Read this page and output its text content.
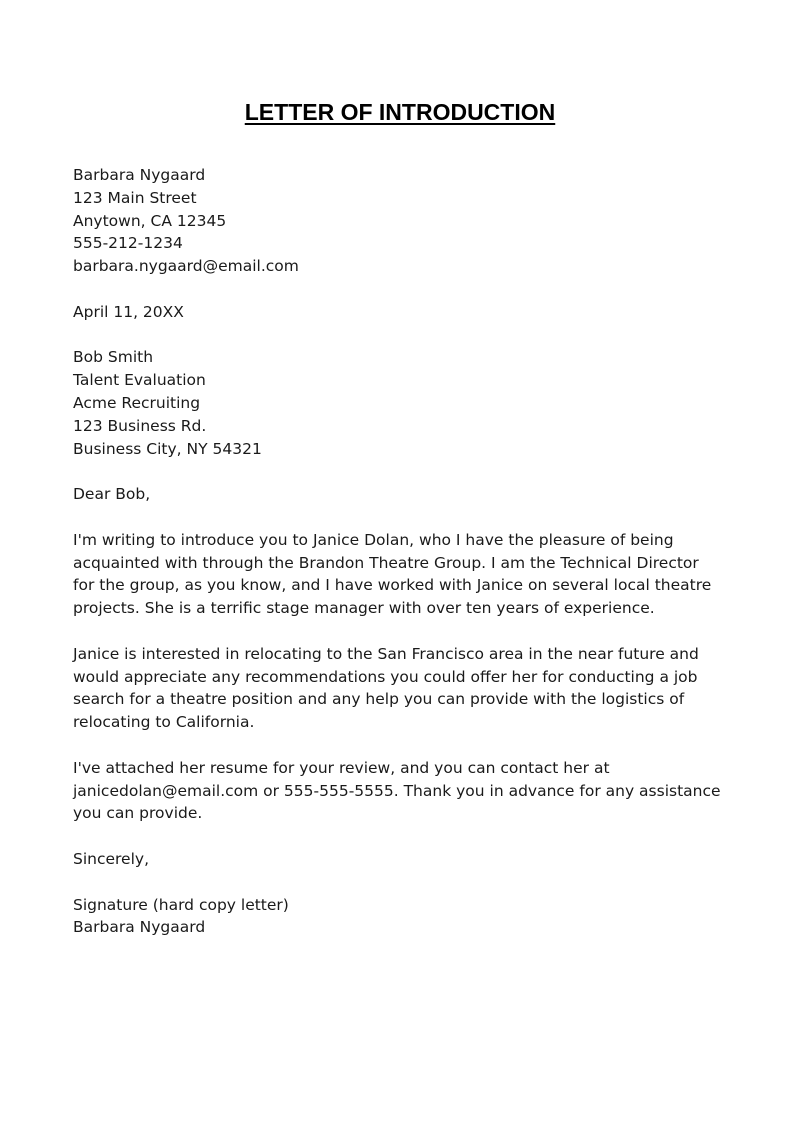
LETTER OF INTRODUCTION
Barbara Nygaard
123 Main Street
Anytown, CA 12345
555-212-1234
barbara.nygaard@email.com
April 11, 20XX
Bob Smith
Talent Evaluation
Acme Recruiting
123 Business Rd.
Business City, NY 54321
Dear Bob,
I'm writing to introduce you to Janice Dolan, who I have the pleasure of being
acquainted with through the Brandon Theatre Group. I am the Technical Director
for the group, as you know, and I have worked with Janice on several local theatre
projects. She is a terrific stage manager with over ten years of experience.
Janice is interested in relocating to the San Francisco area in the near future and
would appreciate any recommendations you could offer her for conducting a job
search for a theatre position and any help you can provide with the logistics of
relocating to California.
I've attached her resume for your review, and you can contact her at
janicedolan@email.com or 555-555-5555. Thank you in advance for any assistance
you can provide.
Sincerely,
Signature (hard copy letter)
Barbara Nygaard
